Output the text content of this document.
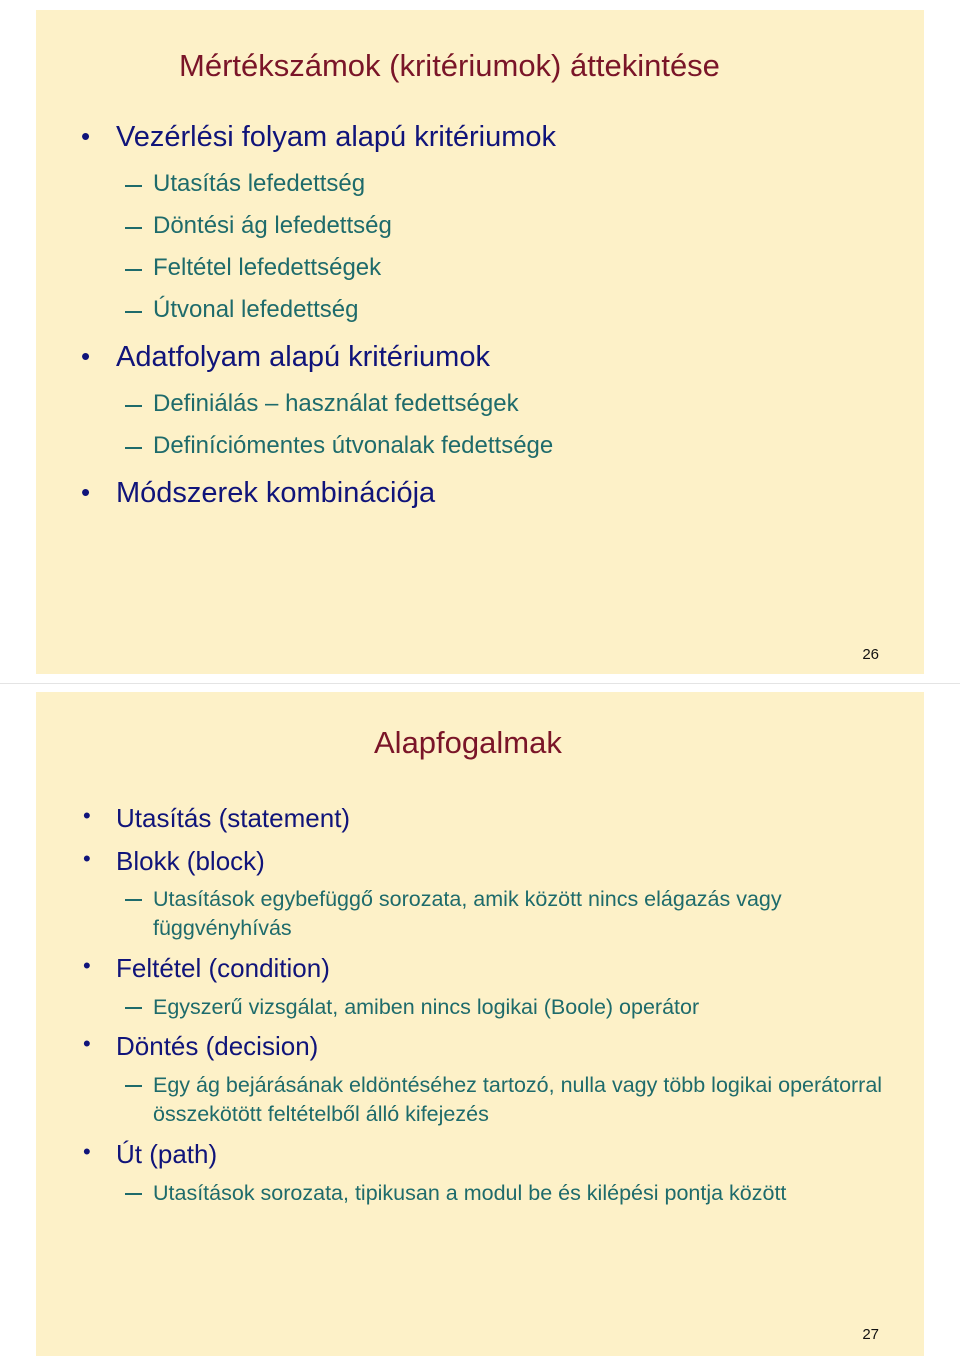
Mértékszámok (kritériumok) áttekintése
• Vezérlési folyam alapú kritériumok
Utasítás lefedettség
Döntési ág lefedettség
Feltétel lefedettségek
Útvonal lefedettség
• Adatfolyam alapú kritériumok
Definiálás – használat fedettségek
Definíciómentes útvonalak fedettsége
• Módszerek kombinációja
26
Alapfogalmak
• Utasítás (statement)
• Blokk (block)
Utasítások egybefüggő sorozata, amik között nincs elágazás vagy függvényhívás
• Feltétel (condition)
Egyszerű vizsgálat, amiben nincs logikai (Boole) operátor
• Döntés (decision)
Egy ág bejárásának eldöntéséhez tartozó, nulla vagy több logikai operátorral összekötött feltételből álló kifejezés
• Út (path)
Utasítások sorozata, tipikusan a modul be és kilépési pontja között
27
